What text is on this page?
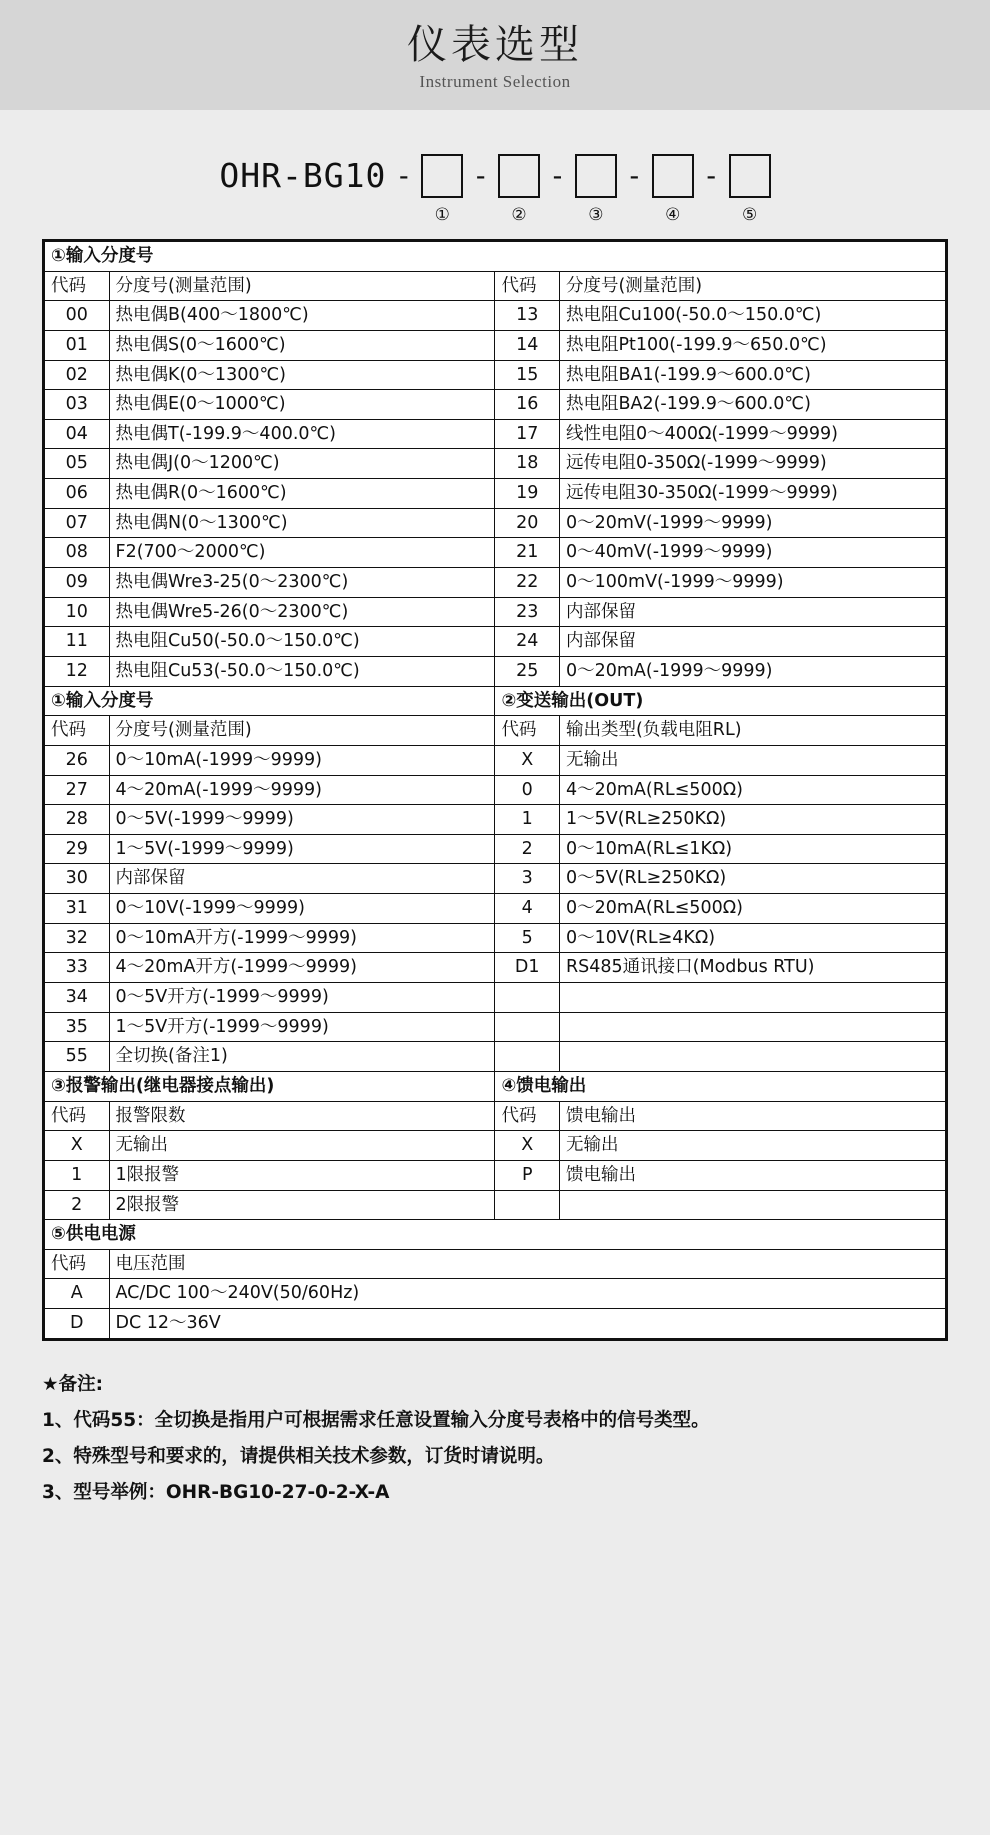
仪表选型
Instrument Selection
OHR-BG10 -
①
-
②
-
③
-
④
-
⑤
①输入分度号			
代码	分度号(测量范围)	代码	分度号(测量范围)
00	热电偶B(400～1800℃)	13	热电阻Cu100(-50.0～150.0℃)
01	热电偶S(0～1600℃)	14	热电阻Pt100(-199.9～650.0℃)
02	热电偶K(0～1300℃)	15	热电阻BA1(-199.9～600.0℃)
03	热电偶E(0～1000℃)	16	热电阻BA2(-199.9～600.0℃)
04	热电偶T(-199.9～400.0℃)	17	线性电阻0～400Ω(-1999～9999)
05	热电偶J(0～1200℃)	18	远传电阻0-350Ω(-1999～9999)
06	热电偶R(0～1600℃)	19	远传电阻30-350Ω(-1999～9999)
07	热电偶N(0～1300℃)	20	0～20mV(-1999～9999)
08	F2(700～2000℃)	21	0～40mV(-1999～9999)
09	热电偶Wre3-25(0～2300℃)	22	0～100mV(-1999～9999)
10	热电偶Wre5-26(0～2300℃)	23	内部保留
11	热电阻Cu50(-50.0～150.0℃)	24	内部保留
12	热电阻Cu53(-50.0～150.0℃)	25	0～20mA(-1999～9999)
①输入分度号		②变送输出(OUT)	
代码	分度号(测量范围)	代码	输出类型(负载电阻RL)
26	0～10mA(-1999～9999)	X	无输出
27	4～20mA(-1999～9999)	0	4～20mA(RL≤500Ω)
28	0～5V(-1999～9999)	1	1～5V(RL≥250KΩ)
29	1～5V(-1999～9999)	2	0～10mA(RL≤1KΩ)
30	内部保留	3	0～5V(RL≥250KΩ)
31	0～10V(-1999～9999)	4	0～20mA(RL≤500Ω)
32	0～10mA开方(-1999～9999)	5	0～10V(RL≥4KΩ)
33	4～20mA开方(-1999～9999)	D1	RS485通讯接口(Modbus RTU)
34	0～5V开方(-1999～9999)		
35	1～5V开方(-1999～9999)		
55	全切换(备注1)		
③报警输出(继电器接点输出)		④馈电输出	
代码	报警限数	代码	馈电输出
X	无输出	X	无输出
1	1限报警	P	馈电输出
2	2限报警		
⑤供电电源			
代码	电压范围		
A	AC/DC 100～240V(50/60Hz)		
D	DC 12～36V		
★备注:
1、代码55：全切换是指用户可根据需求任意设置输入分度号表格中的信号类型。
2、特殊型号和要求的，请提供相关技术参数，订货时请说明。
3、型号举例：OHR-BG10-27-0-2-X-A
